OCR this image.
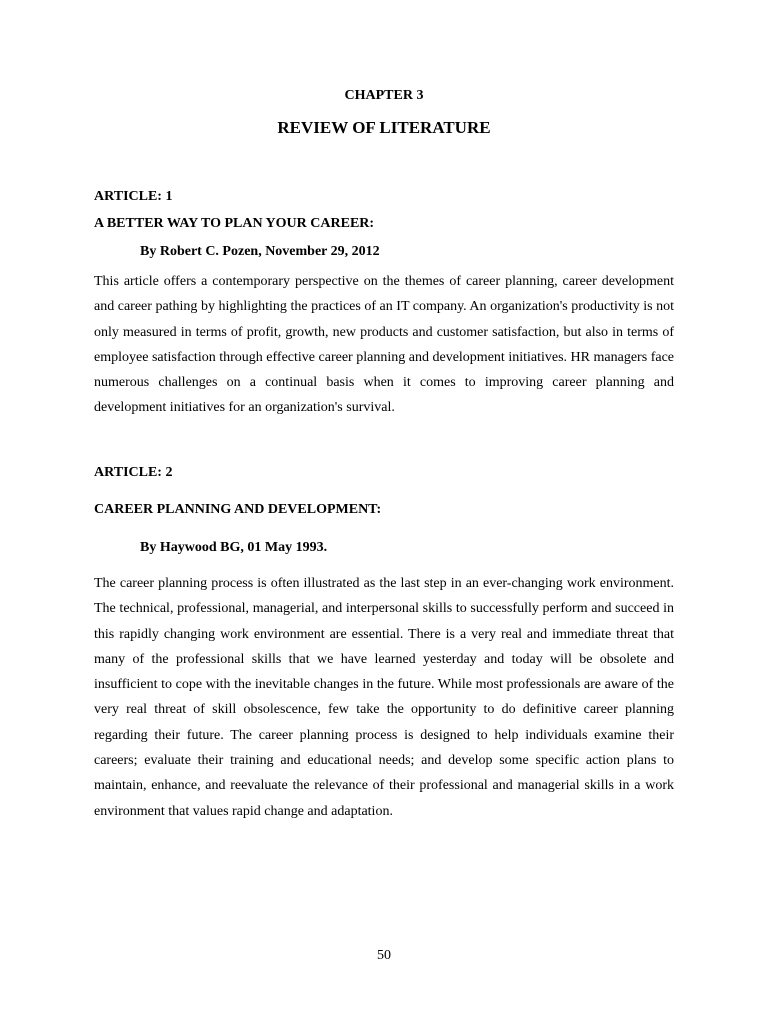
CHAPTER 3
REVIEW OF LITERATURE
ARTICLE: 1
A BETTER WAY TO PLAN YOUR CAREER:
By Robert C. Pozen, November 29, 2012

This article offers a contemporary perspective on the themes of career planning, career development and career pathing by highlighting the practices of an IT company. An organization's productivity is not only measured in terms of profit, growth, new products and customer satisfaction, but also in terms of employee satisfaction through effective career planning and development initiatives. HR managers face numerous challenges on a continual basis when it comes to improving career planning and development initiatives for an organization's survival.

ARTICLE: 2
CAREER PLANNING AND DEVELOPMENT:
By Haywood BG, 01 May 1993.

The career planning process is often illustrated as the last step in an ever-changing work environment. The technical, professional, managerial, and interpersonal skills to successfully perform and succeed in this rapidly changing work environment are essential. There is a very real and immediate threat that many of the professional skills that we have learned yesterday and today will be obsolete and insufficient to cope with the inevitable changes in the future. While most professionals are aware of the very real threat of skill obsolescence, few take the opportunity to do definitive career planning regarding their future. The career planning process is designed to help individuals examine their careers; evaluate their training and educational needs; and develop some specific action plans to maintain, enhance, and reevaluate the relevance of their professional and managerial skills in a work environment that values rapid change and adaptation.

50
